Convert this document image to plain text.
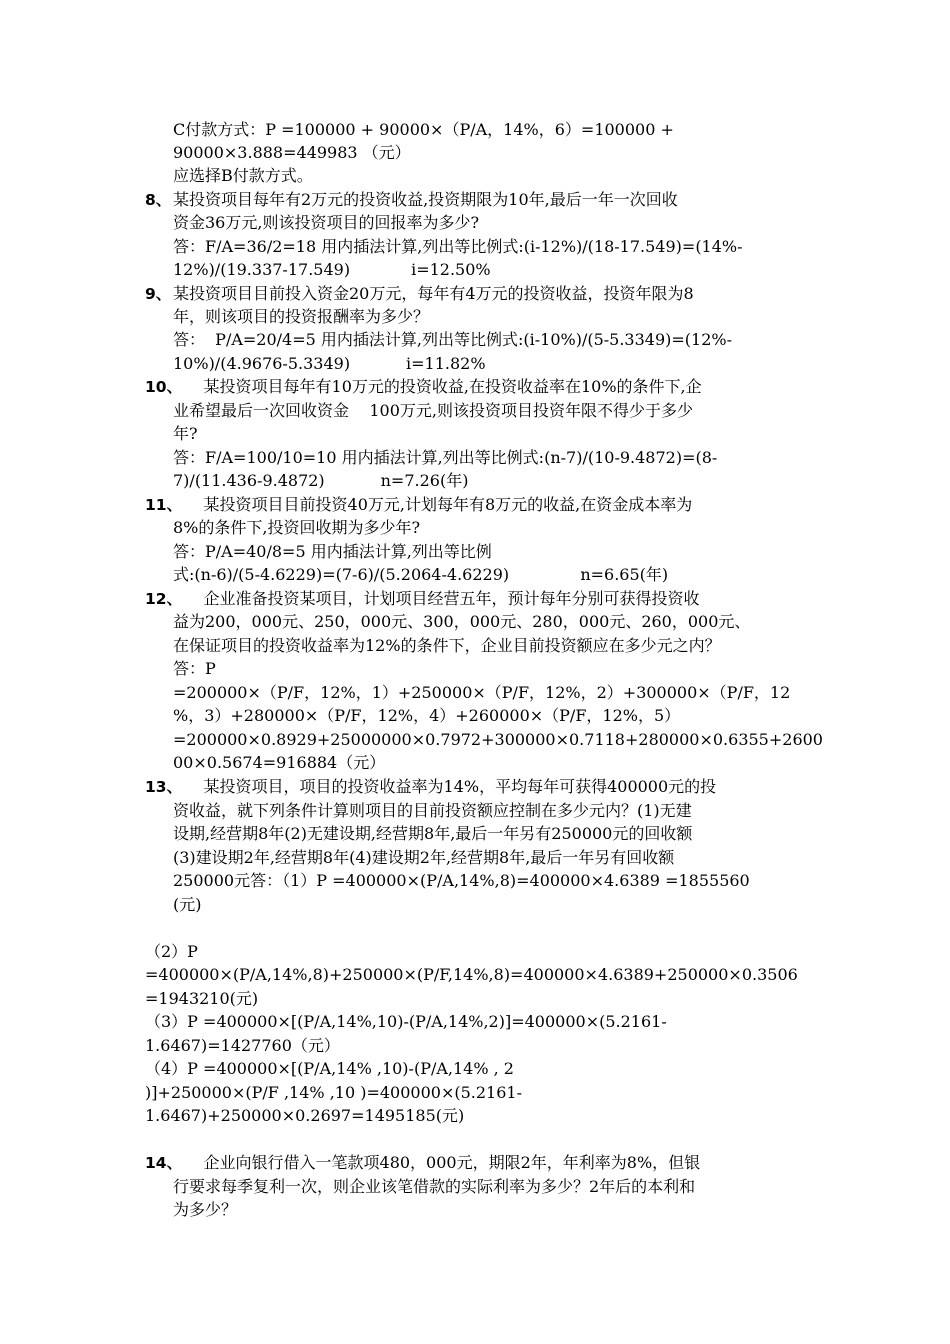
C付款方式：P =100000 + 90000×（P/A，14%，6）=100000 +
90000×3.888=449983 （元）
应选择B付款方式。
8、 某投资项目每年有2万元的投资收益,投资期限为10年,最后一年一次回收
资金36万元,则该投资项目的回报率为多少?
答：F/A=36/2=18 用内插法计算,列出等比例式:(i-12%)/(18-17.549)=(14%-
12%)/(19.337-17.549)            i=12.50%
9、 某投资项目目前投入资金20万元，每年有4万元的投资收益，投资年限为8
年，则该项目的投资报酬率为多少？
答：  P/A=20/4=5 用内插法计算,列出等比例式:(i-10%)/(5-5.3349)=(12%-
10%)/(4.9676-5.3349)           i=11.82%
10、
某投资项目每年有10万元的投资收益,在投资收益率在10%的条件下,企
业希望最后一次回收资金    100万元,则该投资项目投资年限不得少于多少
年?
答：F/A=100/10=10 用内插法计算,列出等比例式:(n-7)/(10-9.4872)=(8-
7)/(11.436-9.4872)           n=7.26(年)
11、
某投资项目目前投资40万元,计划每年有8万元的收益,在资金成本率为
8%的条件下,投资回收期为多少年?
答：P/A=40/8=5 用内插法计算,列出等比例
式:(n-6)/(5-4.6229)=(7-6)/(5.2064-4.6229)              n=6.65(年)
12、
企业准备投资某项目，计划项目经营五年，预计每年分别可获得投资收
益为200，000元、250，000元、300，000元、280，000元、260，000元、
在保证项目的投资收益率为12%的条件下，企业目前投资额应在多少元之内？
答：P
=200000×（P/F，12%，1）+250000×（P/F，12%，2）+300000×（P/F，12
%，3）+280000×（P/F，12%，4）+260000×（P/F，12%，5）
=200000×0.8929+25000000×0.7972+300000×0.7118+280000×0.6355+2600
00×0.5674=916884（元）
13、
某投资项目，项目的投资收益率为14%，平均每年可获得400000元的投
资收益，就下列条件计算则项目的目前投资额应控制在多少元内？(1)无建
设期,经营期8年(2)无建设期,经营期8年,最后一年另有250000元的回收额
(3)建设期2年,经营期8年(4)建设期2年,经营期8年,最后一年另有回收额
250000元答：（1）P =400000×(P/A,14%,8)=400000×4.6389 =1855560
(元)
（2）P
=400000×(P/A,14%,8)+250000×(P/F,14%,8)=400000×4.6389+250000×0.3506
=1943210(元)
（3）P =400000×[(P/A,14%,10)-(P/A,14%,2)]=400000×(5.2161-
1.6467)=1427760（元）
（4）P =400000×[(P/A,14% ,10)-(P/A,14% , 2
)]+250000×(P/F ,14% ,10 )=400000×(5.2161-
1.6467)+250000×0.2697=1495185(元)
14、
企业向银行借入一笔款项480，000元，期限2年，年利率为8%，但银
行要求每季复利一次，则企业该笔借款的实际利率为多少？2年后的本利和
为多少？
